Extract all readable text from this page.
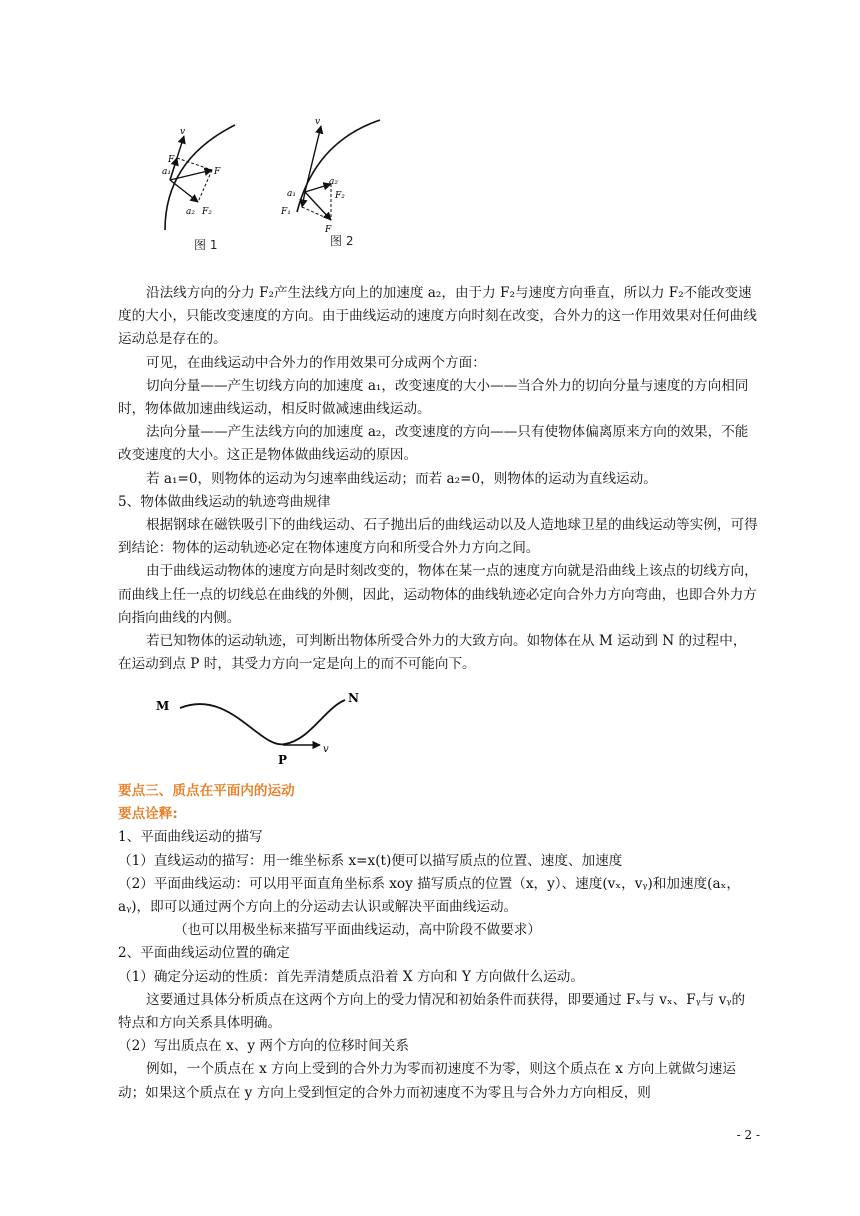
v
F₁
a₁	F
a₂ F₂
图 1
v
a₂
F₂
a₁
F₁
F
图 2

沿法线方向的分力 F₂产生法线方向上的加速度 a₂，由于力 F₂与速度方向垂直，所以力 F₂不能改变速度的大小，只能改变速度的方向。由于曲线运动的速度方向时刻在改变，合外力的这一作用效果对任何曲线运动总是存在的。

可见，在曲线运动中合外力的作用效果可分成两个方面：

切向分量——产生切线方向的加速度 a₁，改变速度的大小——当合外力的切向分量与速度的方向相同时，物体做加速曲线运动，相反时做减速曲线运动。

法向分量——产生法线方向的加速度 a₂，改变速度的方向——只有使物体偏离原来方向的效果，不能改变速度的大小。这正是物体做曲线运动的原因。

若 a₁=0，则物体的运动为匀速率曲线运动；而若 a₂=0，则物体的运动为直线运动。

5、物体做曲线运动的轨迹弯曲规律

根据钢球在磁铁吸引下的曲线运动、石子抛出后的曲线运动以及人造地球卫星的曲线运动等实例，可得到结论：物体的运动轨迹必定在物体速度方向和所受合外力方向之间。

由于曲线运动物体的速度方向是时刻改变的，物体在某一点的速度方向就是沿曲线上该点的切线方向，而曲线上任一点的切线总在曲线的外侧，因此，运动物体的曲线轨迹必定向合外力方向弯曲，也即合外力方向指向曲线的内侧。

若已知物体的运动轨迹，可判断出物体所受合外力的大致方向。如物体在从 M 运动到 N 的过程中，在运动到点 P 时，其受力方向一定是向上的而不可能向下。

M
N
P
v

要点三、质点在平面内的运动

要点诠释:

1、平面曲线运动的描写

（1）直线运动的描写：用一维坐标系 x=x(t)便可以描写质点的位置、速度、加速度

（2）平面曲线运动：可以用平面直角坐标系 xoy 描写质点的位置（x，y）、速度(vₓ，vᵧ)和加速度(aₓ，aᵧ)，即可以通过两个方向上的分运动去认识或解决平面曲线运动。

（也可以用极坐标来描写平面曲线运动，高中阶段不做要求）

2、平面曲线运动位置的确定

（1）确定分运动的性质：首先弄清楚质点沿着 X 方向和 Y 方向做什么运动。

这要通过具体分析质点在这两个方向上的受力情况和初始条件而获得，即要通过 Fₓ与 vₓ、Fᵧ与 vᵧ的特点和方向关系具体明确。

（2）写出质点在 x、y 两个方向的位移时间关系

例如，一个质点在 x 方向上受到的合外力为零而初速度不为零，则这个质点在 x 方向上就做匀速运动；如果这个质点在 y 方向上受到恒定的合外力而初速度不为零且与合外力方向相反，则

- 2 -
